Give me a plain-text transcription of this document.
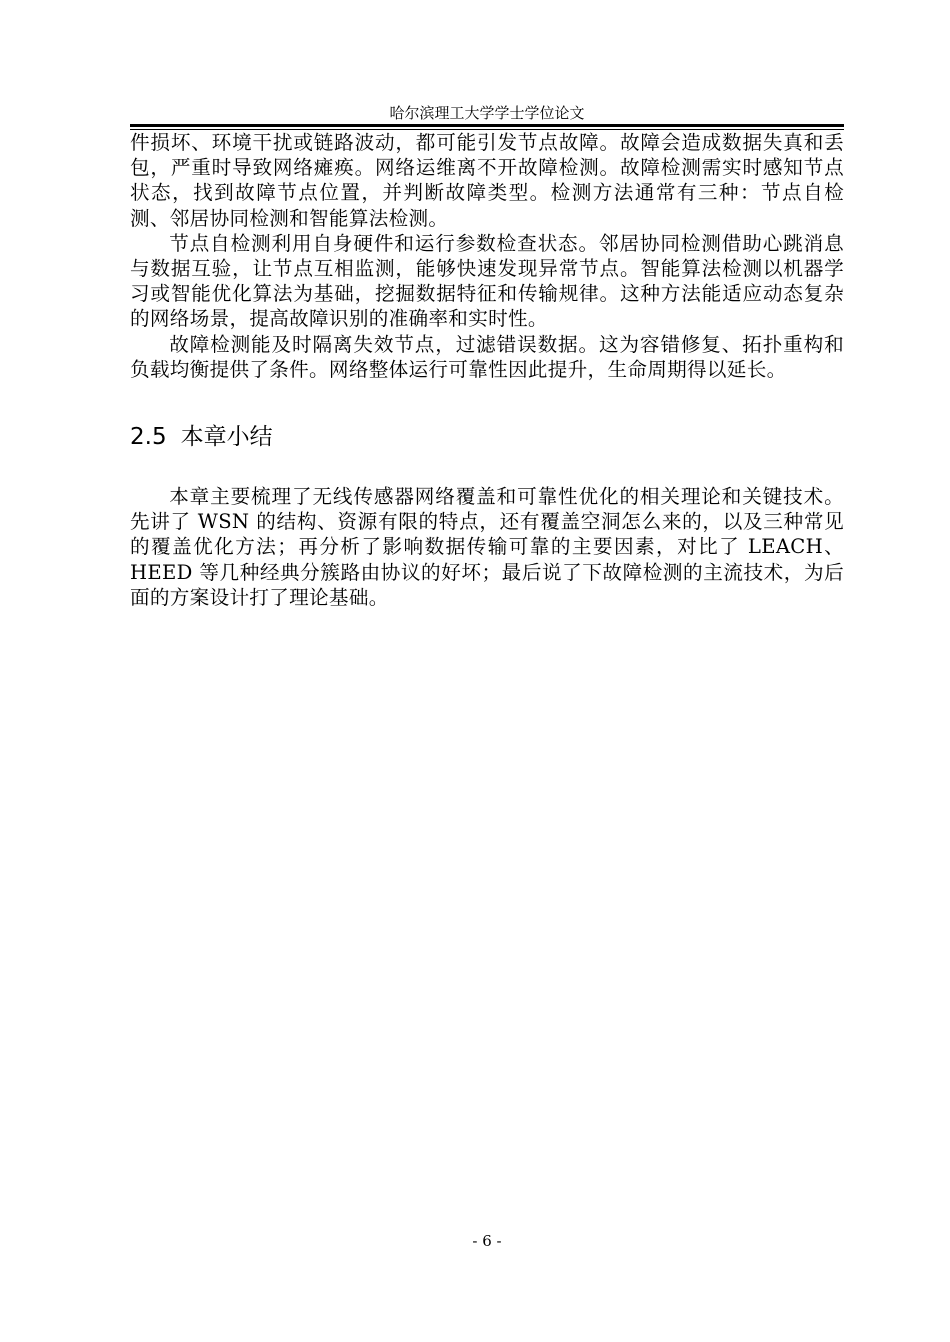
哈尔滨理工大学学士学位论文

件损坏、环境干扰或链路波动，都可能引发节点故障。故障会造成数据失真和丢包，严重时导致网络瘫痪。网络运维离不开故障检测。故障检测需实时感知节点状态，找到故障节点位置，并判断故障类型。检测方法通常有三种：节点自检测、邻居协同检测和智能算法检测。

节点自检测利用自身硬件和运行参数检查状态。邻居协同检测借助心跳消息与数据互验，让节点互相监测，能够快速发现异常节点。智能算法检测以机器学习或智能优化算法为基础，挖掘数据特征和传输规律。这种方法能适应动态复杂的网络场景，提高故障识别的准确率和实时性。

故障检测能及时隔离失效节点，过滤错误数据。这为容错修复、拓扑重构和负载均衡提供了条件。网络整体运行可靠性因此提升，生命周期得以延长。

2.5 本章小结

本章主要梳理了无线传感器网络覆盖和可靠性优化的相关理论和关键技术。先讲了 WSN 的结构、资源有限的特点，还有覆盖空洞怎么来的，以及三种常见的覆盖优化方法；再分析了影响数据传输可靠的主要因素，对比了 LEACH、HEED 等几种经典分簇路由协议的好坏；最后说了下故障检测的主流技术，为后面的方案设计打了理论基础。

- 6 -
